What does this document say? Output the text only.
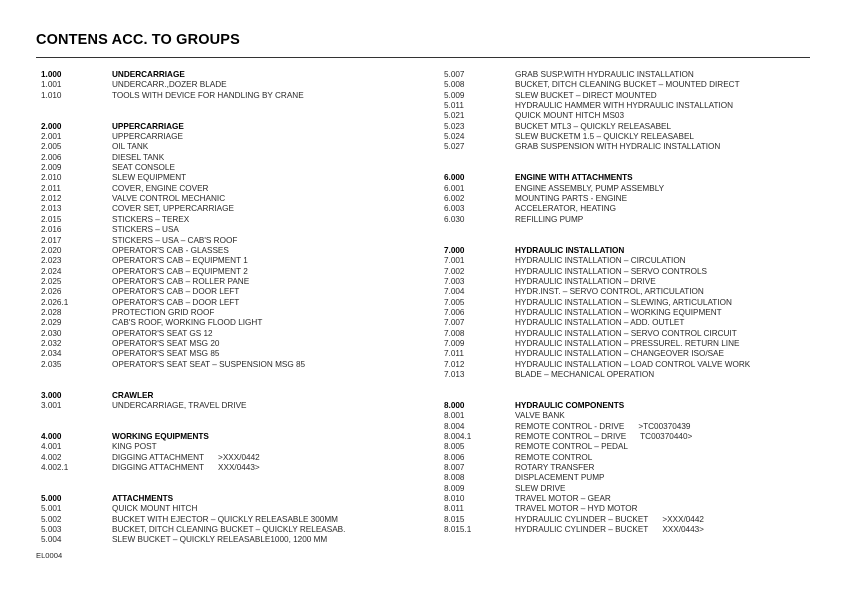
CONTENS ACC. TO GROUPS
1.000	UNDERCARRIAGE
1.001	UNDERCARR.,DOZER BLADE
1.010	TOOLS WITH DEVICE FOR HANDLING BY CRANE
2.000	UPPERCARRIAGE
2.001	UPPERCARRIAGE
2.005	OIL TANK
2.006	DIESEL TANK
2.009	SEAT CONSOLE
2.010	SLEW EQUIPMENT
2.011	COVER, ENGINE COVER
2.012	VALVE CONTROL MECHANIC
2.013	COVER SET, UPPERCARRIAGE
2.015	STICKERS – TEREX
2.016	STICKERS – USA
2.017	STICKERS – USA – CAB'S ROOF
2.020	OPERATOR'S CAB - GLASSES
2.023	OPERATOR'S CAB – EQUIPMENT 1
2.024	OPERATOR'S CAB – EQUIPMENT 2
2.025	OPERATOR'S CAB – ROLLER PANE
2.026	OPERATOR'S CAB – DOOR LEFT
2.026.1	OPERATOR'S CAB – DOOR LEFT
2.028	PROTECTION GRID ROOF
2.029	CAB'S ROOF, WORKING FLOOD LIGHT
2.030	OPERATOR'S SEAT GS 12
2.032	OPERATOR'S SEAT MSG 20
2.034	OPERATOR'S SEAT MSG 85
2.035	OPERATOR'S SEAT SEAT – SUSPENSION MSG 85
3.000	CRAWLER
3.001	UNDERCARRIAGE, TRAVEL DRIVE
4.000	WORKING EQUIPMENTS
4.001	KING POST
4.002	DIGGING ATTACHMENT	>XXX/0442
4.002.1	DIGGING ATTACHMENT	XXX/0443>
5.000	ATTACHMENTS
5.001	QUICK MOUNT HITCH
5.002	BUCKET WITH EJECTOR – QUICKLY RELEASABLE 300MM
5.003	BUCKET, DITCH CLEANING BUCKET – QUICKLY RELEASAB.
5.004	SLEW BUCKET – QUICKLY RELEASABLE1000, 1200 MM
5.007	GRAB SUSP.WITH HYDRAULIC INSTALLATION
5.008	BUCKET, DITCH CLEANING BUCKET – MOUNTED DIRECT
5.009	SLEW BUCKET – DIRECT MOUNTED
5.011	HYDRAULIC HAMMER WITH HYDRAULIC INSTALLATION
5.021	QUICK MOUNT HITCH MS03
5.023	BUCKET MTL3 – QUICKLY RELEASABEL
5.024	SLEW BUCKETM 1.5 – QUICKLY RELEASABEL
5.027	GRAB SUSPENSION WITH HYDRALIC INSTALLATION
6.000	ENGINE WITH ATTACHMENTS
6.001	ENGINE ASSEMBLY, PUMP ASSEMBLY
6.002	MOUNTING PARTS - ENGINE
6.003	ACCELERATOR, HEATING
6.030	REFILLING PUMP
7.000	HYDRAULIC INSTALLATION
7.001	HYDRAULIC INSTALLATION – CIRCULATION
7.002	HYDRAULIC INSTALLATION – SERVO CONTROLS
7.003	HYDRAULIC INSTALLATION – DRIVE
7.004	HYDR.INST. – SERVO CONTROL, ARTICULATION
7.005	HYDRAULIC INSTALLATION – SLEWING, ARTICULATION
7.006	HYDRAULIC INSTALLATION – WORKING EQUIPMENT
7.007	HYDRAULIC INSTALLATION – ADD. OUTLET
7.008	HYDRAULIC INSTALLATION – SERVO CONTROL CIRCUIT
7.009	HYDRAULIC INSTALLATION – PRESSUREL. RETURN LINE
7.011	HYDRAULIC INSTALLATION – CHANGEOVER ISO/SAE
7.012	HYDRAULIC INSTALLATION – LOAD CONTROL VALVE WORK
7.013	BLADE – MECHANICAL OPERATION
8.000	HYDRAULIC COMPONENTS
8.001	VALVE BANK
8.004	REMOTE CONTROL - DRIVE	>TC00370439
8.004.1	REMOTE CONTROL – DRIVE	TC00370440>
8.005	REMOTE CONTROL – PEDAL
8.006	REMOTE CONTROL
8.007	ROTARY TRANSFER
8.008	DISPLACEMENT PUMP
8.009	SLEW DRIVE
8.010	TRAVEL MOTOR – GEAR
8.011	TRAVEL MOTOR – HYD MOTOR
8.015	HYDRAULIC CYLINDER – BUCKET	>XXX/0442
8.015.1	HYDRAULIC CYLINDER – BUCKET	XXX/0443>
EL0004
